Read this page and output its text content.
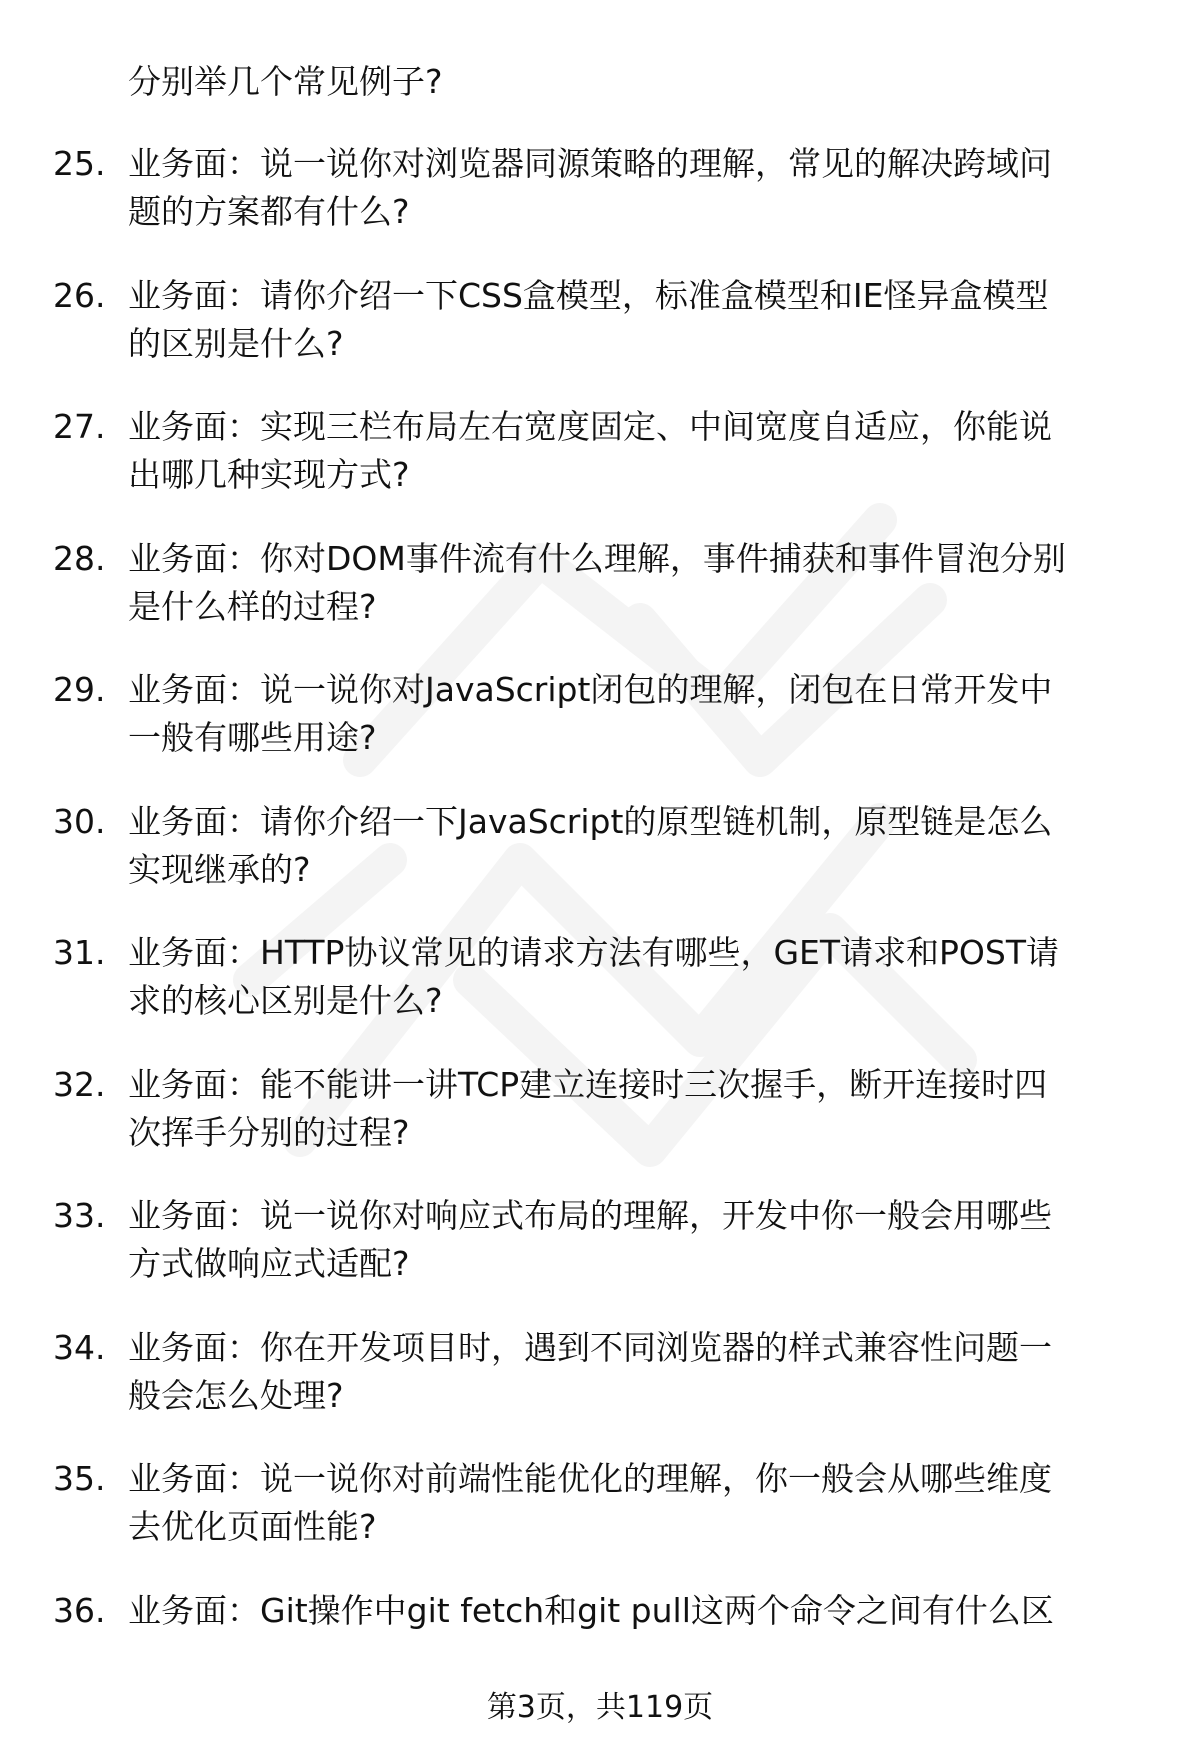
分别举几个常见例子?
25. 业务面：说一说你对浏览器同源策略的理解，常见的解决跨域问
题的方案都有什么?
26. 业务面：请你介绍一下CSS盒模型，标准盒模型和IE怪异盒模型
的区别是什么?
27. 业务面：实现三栏布局左右宽度固定、中间宽度自适应，你能说
出哪几种实现方式?
28. 业务面：你对DOM事件流有什么理解，事件捕获和事件冒泡分别
是什么样的过程?
29. 业务面：说一说你对JavaScript闭包的理解，闭包在日常开发中
一般有哪些用途?
30. 业务面：请你介绍一下JavaScript的原型链机制，原型链是怎么
实现继承的?
31. 业务面：HTTP协议常见的请求方法有哪些，GET请求和POST请
求的核心区别是什么?
32. 业务面：能不能讲一讲TCP建立连接时三次握手，断开连接时四
次挥手分别的过程?
33. 业务面：说一说你对响应式布局的理解，开发中你一般会用哪些
方式做响应式适配?
34. 业务面：你在开发项目时，遇到不同浏览器的样式兼容性问题一
般会怎么处理?
35. 业务面：说一说你对前端性能优化的理解，你一般会从哪些维度
去优化页面性能?
36. 业务面：Git操作中git fetch和git pull这两个命令之间有什么区
第3页，共119页
